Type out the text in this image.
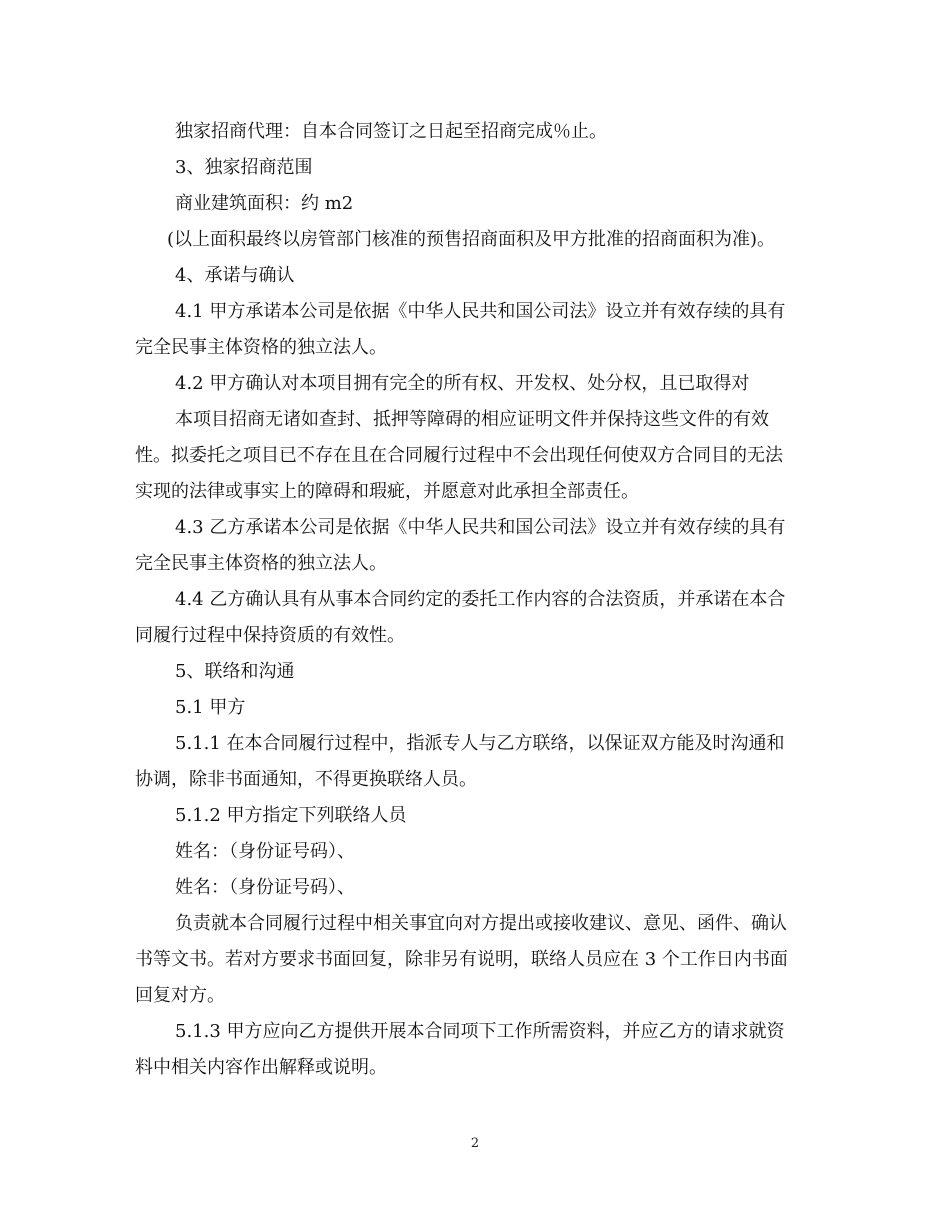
独家招商代理：自本合同签订之日起至招商完成％止。

3、独家招商范围

商业建筑面积：约 m2

(以上面积最终以房管部门核准的预售招商面积及甲方批准的招商面积为准)。

4、承诺与确认

4.1 甲方承诺本公司是依据《中华人民共和国公司法》设立并有效存续的具有

完全民事主体资格的独立法人。

4.2 甲方确认对本项目拥有完全的所有权、开发权、处分权，且已取得对

本项目招商无诸如查封、抵押等障碍的相应证明文件并保持这些文件的有效

性。拟委托之项目已不存在且在合同履行过程中不会出现任何使双方合同目的无法

实现的法律或事实上的障碍和瑕疵，并愿意对此承担全部责任。

4.3 乙方承诺本公司是依据《中华人民共和国公司法》设立并有效存续的具有

完全民事主体资格的独立法人。

4.4 乙方确认具有从事本合同约定的委托工作内容的合法资质，并承诺在本合

同履行过程中保持资质的有效性。

5、联络和沟通

5.1 甲方

5.1.1 在本合同履行过程中，指派专人与乙方联络，以保证双方能及时沟通和

协调，除非书面通知，不得更换联络人员。

5.1.2 甲方指定下列联络人员

姓名：（身份证号码）、

姓名：（身份证号码）、

负责就本合同履行过程中相关事宜向对方提出或接收建议、意见、函件、确认

书等文书。若对方要求书面回复，除非另有说明，联络人员应在 3 个工作日内书面

回复对方。

5.1.3 甲方应向乙方提供开展本合同项下工作所需资料，并应乙方的请求就资

料中相关内容作出解释或说明。

2
